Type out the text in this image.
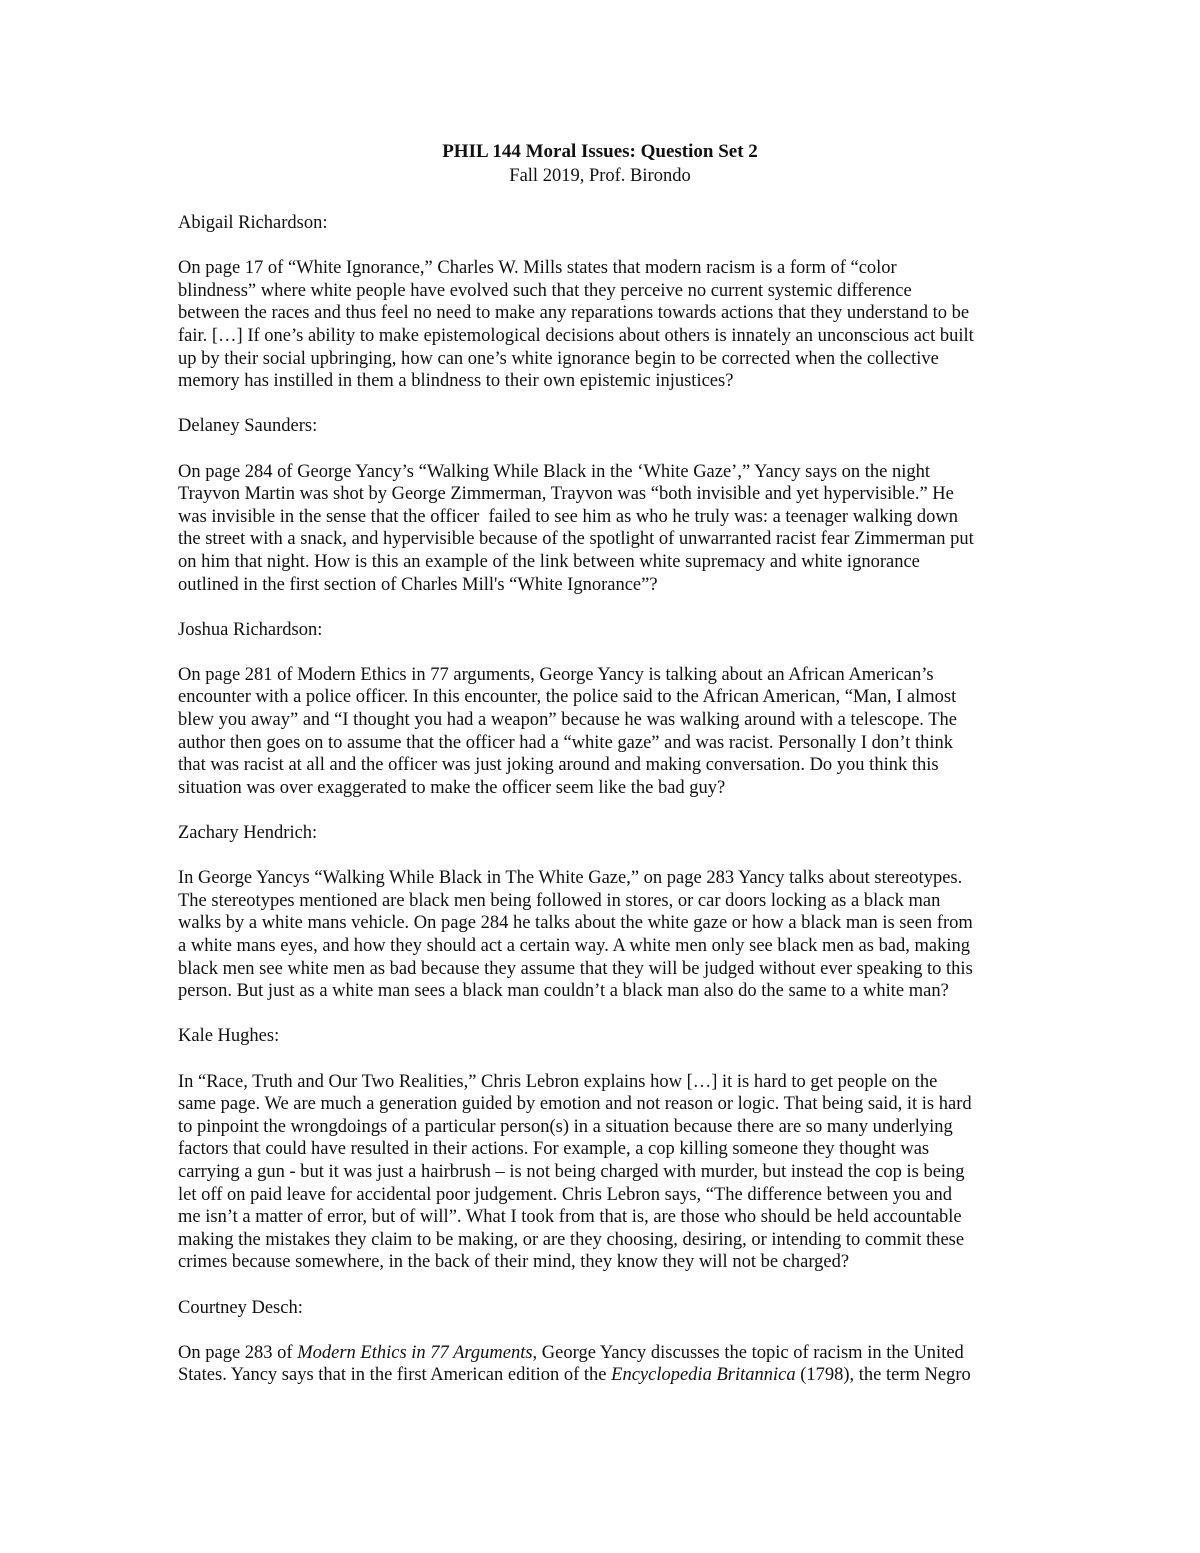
PHIL 144 Moral Issues: Question Set 2

Fall 2019, Prof. Birondo

Abigail Richardson:

On page 17 of “White Ignorance,” Charles W. Mills states that modern racism is a form of “color
blindness” where white people have evolved such that they perceive no current systemic difference
between the races and thus feel no need to make any reparations towards actions that they understand to be
fair. […] If one’s ability to make epistemological decisions about others is innately an unconscious act built
up by their social upbringing, how can one’s white ignorance begin to be corrected when the collective
memory has instilled in them a blindness to their own epistemic injustices?

Delaney Saunders:

On page 284 of George Yancy’s “Walking While Black in the ‘White Gaze’,” Yancy says on the night
Trayvon Martin was shot by George Zimmerman, Trayvon was “both invisible and yet hypervisible.” He
was invisible in the sense that the officer  failed to see him as who he truly was: a teenager walking down
the street with a snack, and hypervisible because of the spotlight of unwarranted racist fear Zimmerman put
on him that night. How is this an example of the link between white supremacy and white ignorance
outlined in the first section of Charles Mill's “White Ignorance”?

Joshua Richardson:

On page 281 of Modern Ethics in 77 arguments, George Yancy is talking about an African American’s
encounter with a police officer. In this encounter, the police said to the African American, “Man, I almost
blew you away” and “I thought you had a weapon” because he was walking around with a telescope. The
author then goes on to assume that the officer had a “white gaze” and was racist. Personally I don’t think
that was racist at all and the officer was just joking around and making conversation. Do you think this
situation was over exaggerated to make the officer seem like the bad guy?

Zachary Hendrich:

In George Yancys “Walking While Black in The White Gaze,” on page 283 Yancy talks about stereotypes.
The stereotypes mentioned are black men being followed in stores, or car doors locking as a black man
walks by a white mans vehicle. On page 284 he talks about the white gaze or how a black man is seen from
a white mans eyes, and how they should act a certain way. A white men only see black men as bad, making
black men see white men as bad because they assume that they will be judged without ever speaking to this
person. But just as a white man sees a black man couldn’t a black man also do the same to a white man?

Kale Hughes:

In “Race, Truth and Our Two Realities,” Chris Lebron explains how […] it is hard to get people on the
same page. We are much a generation guided by emotion and not reason or logic. That being said, it is hard
to pinpoint the wrongdoings of a particular person(s) in a situation because there are so many underlying
factors that could have resulted in their actions. For example, a cop killing someone they thought was
carrying a gun - but it was just a hairbrush – is not being charged with murder, but instead the cop is being
let off on paid leave for accidental poor judgement. Chris Lebron says, “The difference between you and
me isn’t a matter of error, but of will”. What I took from that is, are those who should be held accountable
making the mistakes they claim to be making, or are they choosing, desiring, or intending to commit these
crimes because somewhere, in the back of their mind, they know they will not be charged?

Courtney Desch:

On page 283 of Modern Ethics in 77 Arguments, George Yancy discusses the topic of racism in the United
States. Yancy says that in the first American edition of the Encyclopedia Britannica (1798), the term Negro
